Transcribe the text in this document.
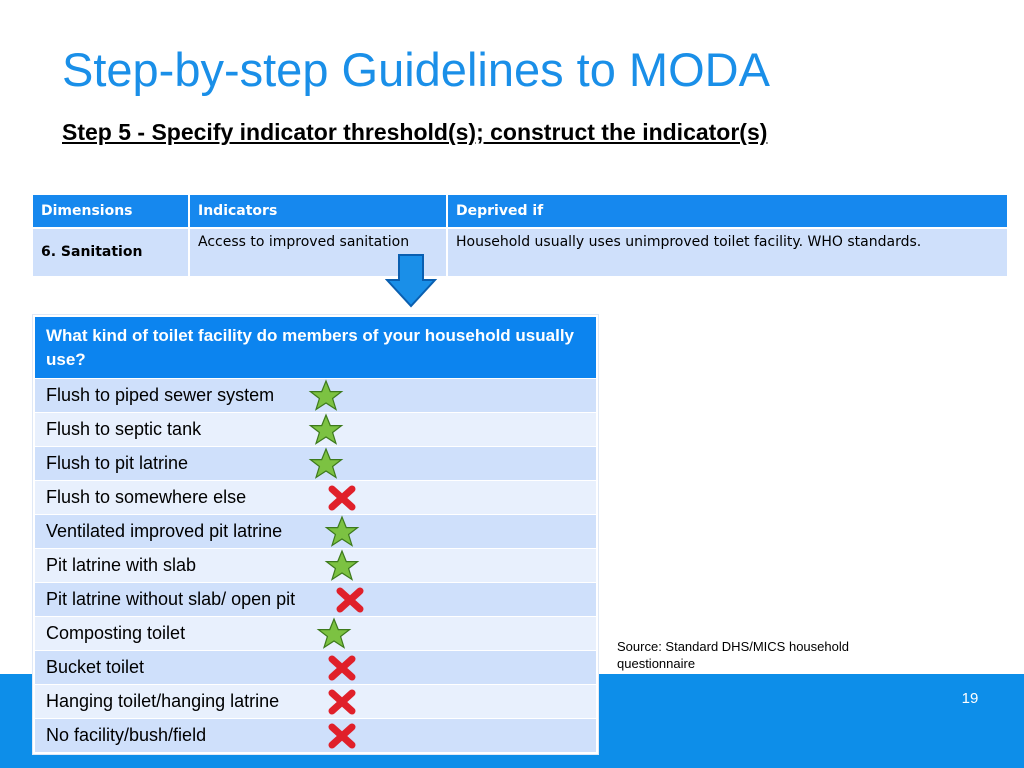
19
Step-by-step Guidelines to MODA
Step 5 - Specify indicator threshold(s); construct the indicator(s)
Dimensions	Indicators	Deprived if
6. Sanitation	Access to improved sanitation	Household usually uses unimproved toilet facility. WHO standards.
What kind of toilet facility do members of your household usually use?
Flush to piped sewer system

Flush to septic tank

Flush to pit latrine

Flush to somewhere else

Ventilated improved pit latrine

Pit latrine with slab

Pit latrine without slab/ open pit

Composting toilet

Bucket toilet

Hanging toilet/hanging latrine

No facility/bush/field
Source: Standard DHS/MICS household questionnaire
